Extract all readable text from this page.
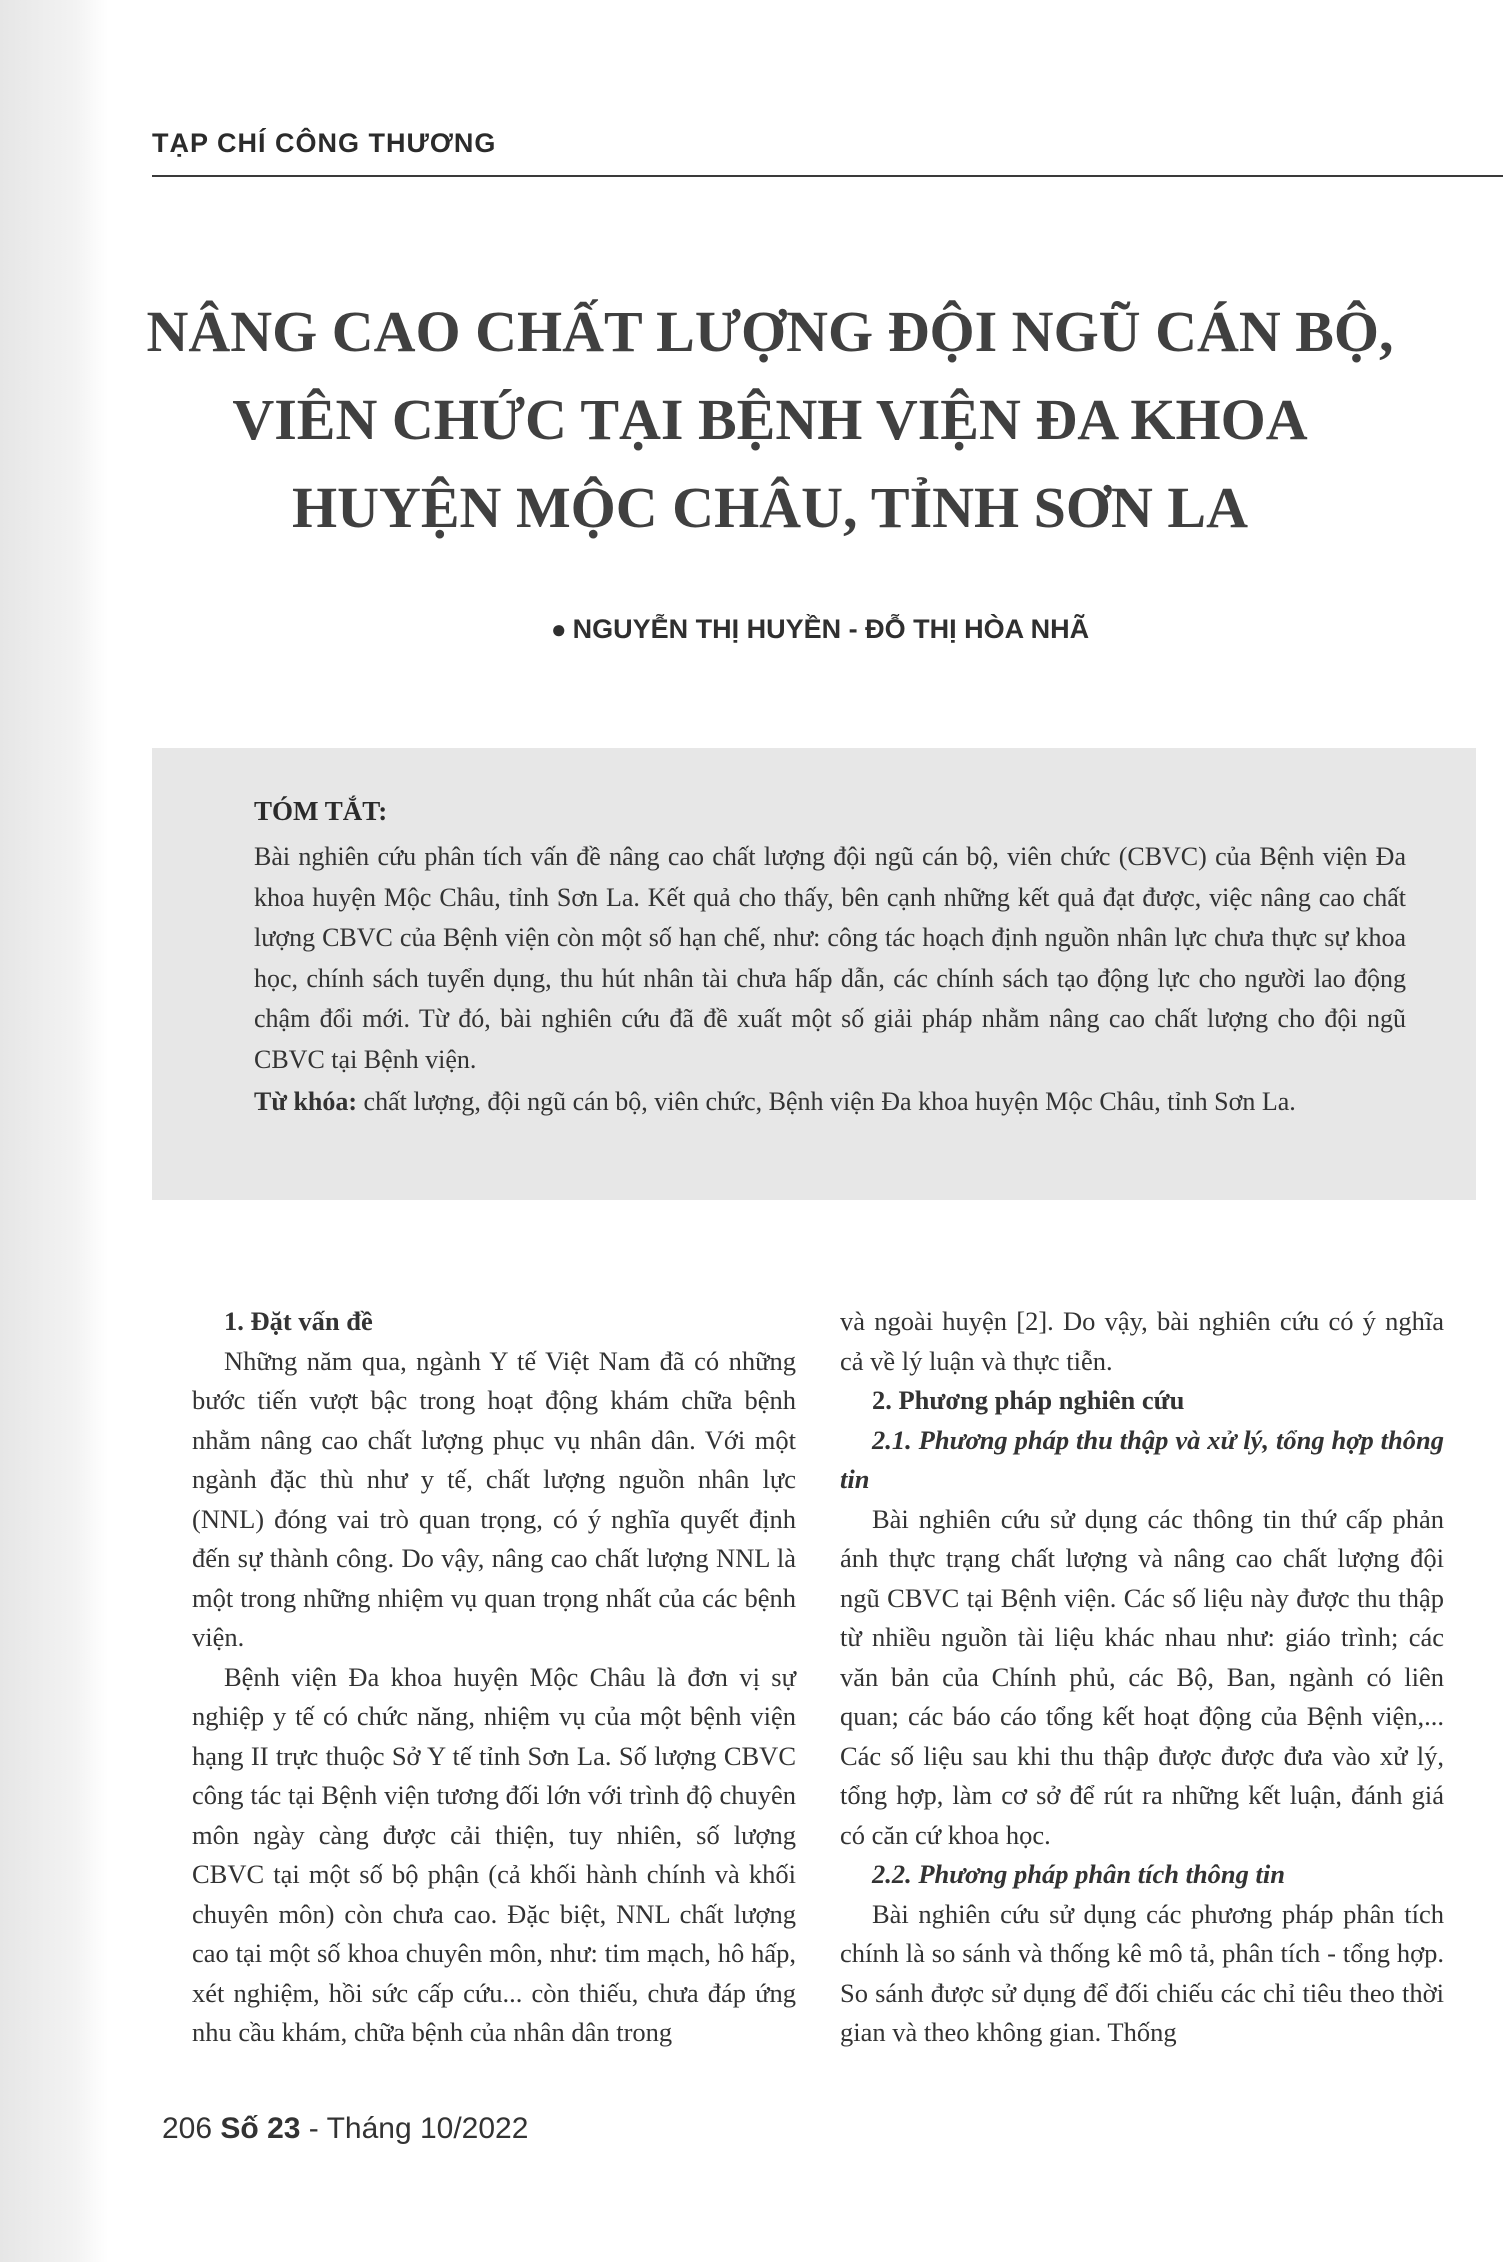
TẠP CHÍ CÔNG THƯƠNG
NÂNG CAO CHẤT LƯỢNG ĐỘI NGŨ CÁN BỘ,
VIÊN CHỨC TẠI BỆNH VIỆN ĐA KHOA
HUYỆN MỘC CHÂU, TỈNH SƠN LA
● NGUYỄN THỊ HUYỀN - ĐỖ THỊ HÒA NHÃ
TÓM TẮT:
Bài nghiên cứu phân tích vấn đề nâng cao chất lượng đội ngũ cán bộ, viên chức (CBVC) của Bệnh viện Đa khoa huyện Mộc Châu, tỉnh Sơn La. Kết quả cho thấy, bên cạnh những kết quả đạt được, việc nâng cao chất lượng CBVC của Bệnh viện còn một số hạn chế, như: công tác hoạch định nguồn nhân lực chưa thực sự khoa học, chính sách tuyển dụng, thu hút nhân tài chưa hấp dẫn, các chính sách tạo động lực cho người lao động chậm đổi mới. Từ đó, bài nghiên cứu đã đề xuất một số giải pháp nhằm nâng cao chất lượng cho đội ngũ CBVC tại Bệnh viện.
Từ khóa: chất lượng, đội ngũ cán bộ, viên chức, Bệnh viện Đa khoa huyện Mộc Châu, tỉnh Sơn La.

1. Đặt vấn đề

Những năm qua, ngành Y tế Việt Nam đã có những bước tiến vượt bậc trong hoạt động khám chữa bệnh nhằm nâng cao chất lượng phục vụ nhân dân. Với một ngành đặc thù như y tế, chất lượng nguồn nhân lực (NNL) đóng vai trò quan trọng, có ý nghĩa quyết định đến sự thành công. Do vậy, nâng cao chất lượng NNL là một trong những nhiệm vụ quan trọng nhất của các bệnh viện.

Bệnh viện Đa khoa huyện Mộc Châu là đơn vị sự nghiệp y tế có chức năng, nhiệm vụ của một bệnh viện hạng II trực thuộc Sở Y tế tỉnh Sơn La. Số lượng CBVC công tác tại Bệnh viện tương đối lớn với trình độ chuyên môn ngày càng được cải thiện, tuy nhiên, số lượng CBVC tại một số bộ phận (cả khối hành chính và khối chuyên môn) còn chưa cao. Đặc biệt, NNL chất lượng cao tại một số khoa chuyên môn, như: tim mạch, hô hấp, xét nghiệm, hồi sức cấp cứu... còn thiếu, chưa đáp ứng nhu cầu khám, chữa bệnh của nhân dân trong

và ngoài huyện [2]. Do vậy, bài nghiên cứu có ý nghĩa cả về lý luận và thực tiễn.

2. Phương pháp nghiên cứu

2.1. Phương pháp thu thập và xử lý, tổng hợp thông tin

Bài nghiên cứu sử dụng các thông tin thứ cấp phản ánh thực trạng chất lượng và nâng cao chất lượng đội ngũ CBVC tại Bệnh viện. Các số liệu này được thu thập từ nhiều nguồn tài liệu khác nhau như: giáo trình; các văn bản của Chính phủ, các Bộ, Ban, ngành có liên quan; các báo cáo tổng kết hoạt động của Bệnh viện,... Các số liệu sau khi thu thập được được đưa vào xử lý, tổng hợp, làm cơ sở để rút ra những kết luận, đánh giá có căn cứ khoa học.

2.2. Phương pháp phân tích thông tin

Bài nghiên cứu sử dụng các phương pháp phân tích chính là so sánh và thống kê mô tả, phân tích - tổng hợp. So sánh được sử dụng để đối chiếu các chỉ tiêu theo thời gian và theo không gian. Thống

206 Số 23 - Tháng 10/2022
